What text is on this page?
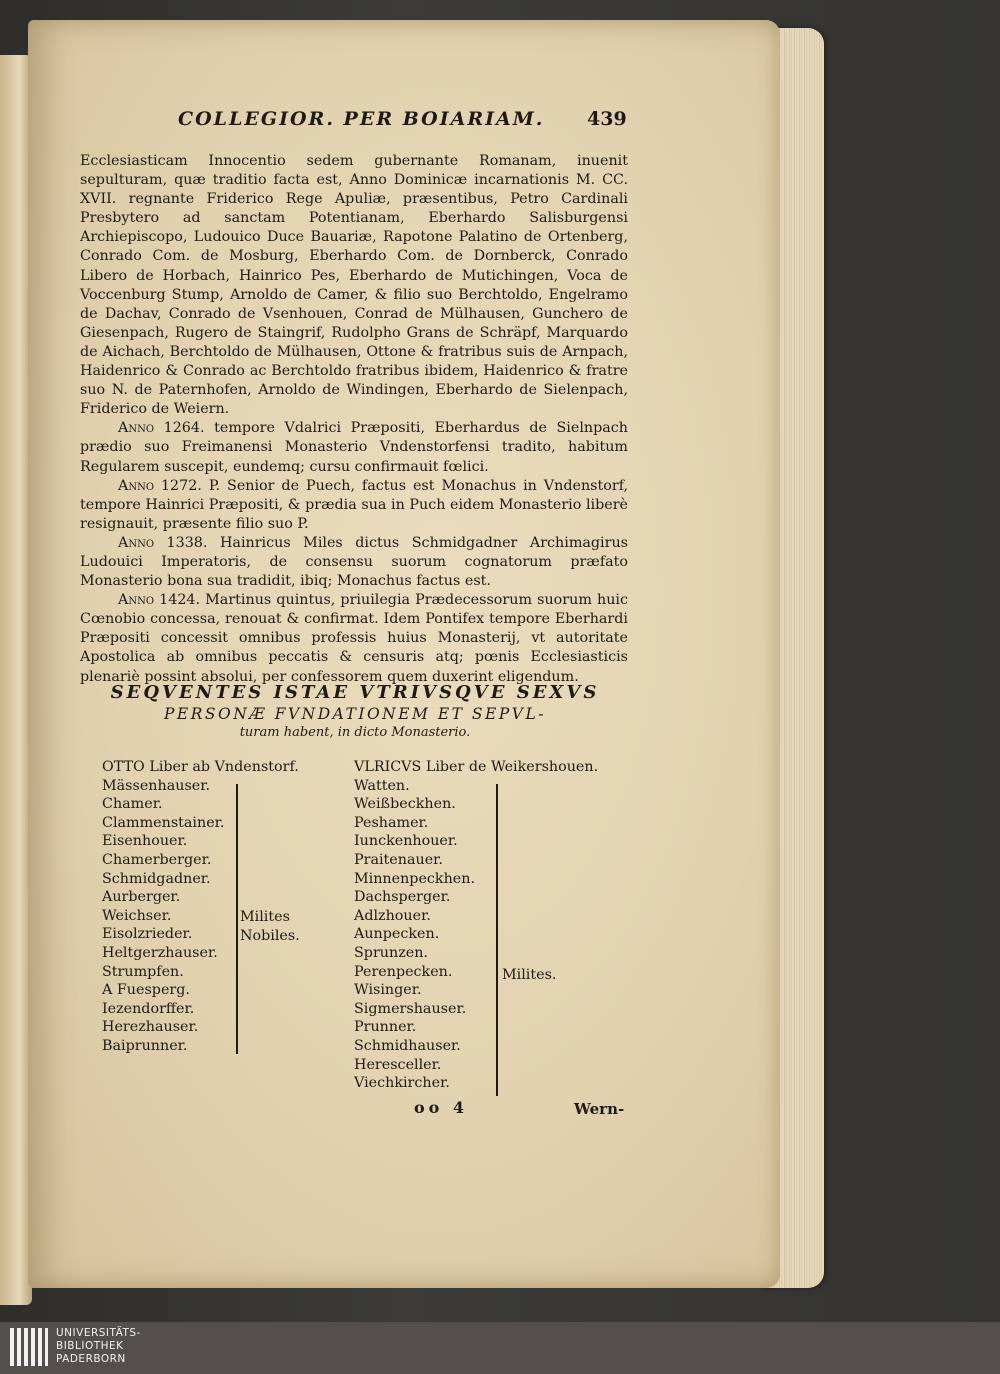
COLLEGIOR. PER BOIARIAM.	439

Ecclesiasticam Innocentio sedem gubernante Romanam, inuenit sepulturam, quæ traditio facta est, Anno Dominicæ incarnationis M. CC. XVII. regnante Friderico Rege Apuliæ, præsentibus, Petro Cardinali Presbytero ad sanctam Potentianam, Eberhardo Salisburgensi Archiepiscopo, Ludouico Duce Bauariæ, Rapotone Palatino de Ortenberg, Conrado Com. de Mosburg, Eberhardo Com. de Dornberck, Conrado Libero de Horbach, Hainrico Pes, Eberhardo de Mutichingen, Voca de Voccenburg Stump, Arnoldo de Camer, & filio suo Berchtoldo, Engelramo de Dachav, Conrado de Vsenhouen, Conrad de Mülhausen, Gunchero de Giesenpach, Rugero de Staingrif, Rudolpho Grans de Schräpf, Marquardo de Aichach, Berchtoldo de Mülhausen, Ottone & fratribus suis de Arnpach, Haidenrico & Conrado ac Berchtoldo fratribus ibidem, Haidenrico & fratre suo N. de Paternhofen, Arnoldo de Windingen, Eberhardo de Sielenpach, Friderico de Weiern.

Anno 1264. tempore Vdalrici Præpositi, Eberhardus de Sielnpach prædio suo Freimanensi Monasterio Vndenstorfensi tradito, habitum Regularem suscepit, eundemq; cursu confirmauit fœlici.

Anno 1272. P. Senior de Puech, factus est Monachus in Vndenstorf, tempore Hainrici Præpositi, & prædia sua in Puch eidem Monasterio liberè resignauit, præsente filio suo P.

Anno 1338. Hainricus Miles dictus Schmidgadner Archimagirus Ludouici Imperatoris, de consensu suorum cognatorum præfato Monasterio bona sua tradidit, ibiq; Monachus factus est.

Anno 1424. Martinus quintus, priuilegia Prædecessorum suorum huic Cœnobio concessa, renouat & confirmat. Idem Pontifex tempore Eberhardi Præpositi concessit omnibus professis huius Monasterij, vt autoritate Apostolica ab omnibus peccatis & censuris atq; pœnis Ecclesiasticis plenariè possint absolui, per confessorem quem duxerint eligendum.

SEQVENTES ISTAE VTRIVSQVE SEXVS
PERSONÆ FVNDATIONEM ET SEPVL-
turam habent, in dicto Monasterio.
OTTO Liber ab Vndenstorf.
Mässenhauser.
Chamer.
Clammenstainer.
Eisenhouer.
Chamerberger.
Schmidgadner.
Aurberger.
Weichser.
Eisolzrieder.
Heltgerzhauser.
Strumpfen.
A Fuesperg.
Iezendorffer.
Herezhauser.
Baiprunner.
Milites
Nobiles.
VLRICVS Liber de Weikershouen.
Watten.
Weißbeckhen.
Peshamer.
Iunckenhouer.
Praitenauer.
Minnenpeckhen.
Dachsperger.
Adlzhouer.
Aunpecken.
Sprunzen.
Perenpecken.
Wisinger.
Sigmershauser.
Prunner.
Schmidhauser.
Heresceller.
Viechkircher.
Milites.
oo 4	Wern-
UNIVERSITÄTS-
BIBLIOTHEK
PADERBORN
